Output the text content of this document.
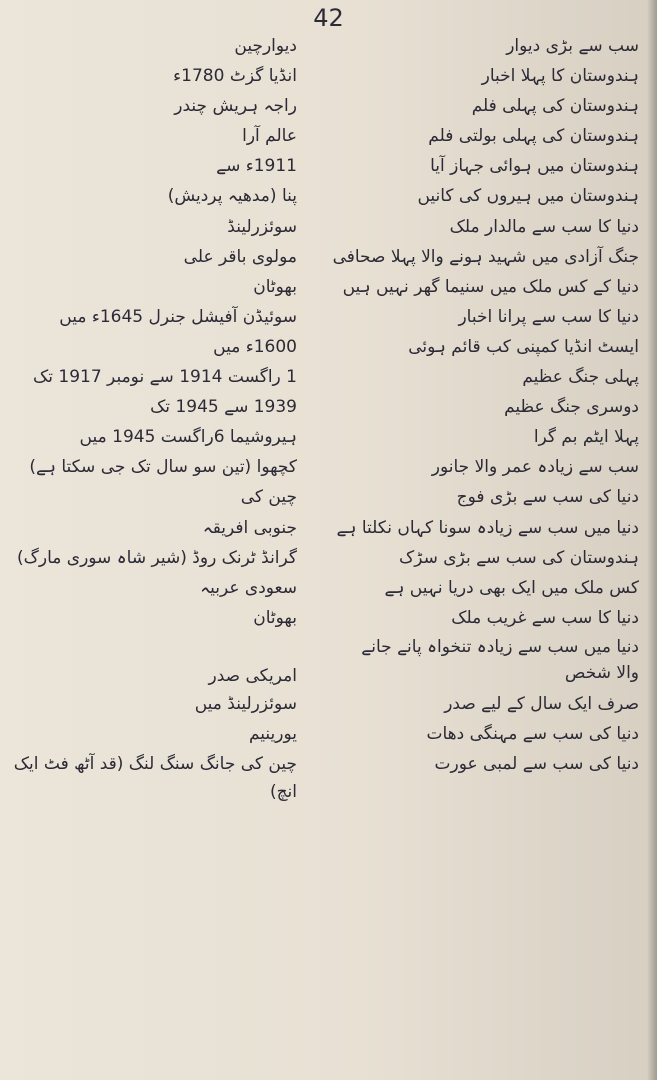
42
سب سے بڑی دیوار
دیوارچین
ہندوستان کا پہلا اخبار
انڈیا گزٹ 1780ء
ہندوستان کی پہلی فلم
راجہ ہریش چندر
ہندوستان کی پہلی بولتی فلم
عالم آرا
ہندوستان میں ہوائی جہاز آیا
1911ء سے
ہندوستان میں ہیروں کی کانیں
پنا (مدھیہ پردیش)
دنیا کا سب سے مالدار ملک
سوئزرلینڈ
جنگ آزادی میں شہید ہونے والا پہلا صحافی
مولوی باقر علی
دنیا کے کس ملک میں سنیما گھر نہیں ہیں
بھوٹان
دنیا کا سب سے پرانا اخبار
سوئیڈن آفیشل جنرل 1645ء میں
ایسٹ انڈیا کمپنی کب قائم ہوئی
1600ء میں
پہلی جنگ عظیم
1 راگست 1914 سے نومبر 1917 تک
دوسری جنگ عظیم
1939 سے 1945 تک
پہلا ایٹم بم گرا
ہیروشیما 6راگست 1945 میں
سب سے زیادہ عمر والا جانور
کچھوا (تین سو سال تک جی سکتا ہے)
دنیا کی سب سے بڑی فوج
چین کی
دنیا میں سب سے زیادہ سونا کہاں نکلتا ہے
جنوبی افریقہ
ہندوستان کی سب سے بڑی سڑک
گرانڈ ٹرنک روڈ (شیر شاہ سوری مارگ)
کس ملک میں ایک بھی دریا نہیں ہے
سعودی عربیہ
دنیا کا سب سے غریب ملک
بھوٹان
دنیا میں سب سے زیادہ تنخواہ پانے جانے والا شخص
امریکی صدر
صرف ایک سال کے لیے صدر
سوئزرلینڈ میں
دنیا کی سب سے مہنگی دھات
یورینیم
دنیا کی سب سے لمبی عورت
چین کی جانگ سنگ لنگ (قد آٹھ فٹ ایک انچ)
